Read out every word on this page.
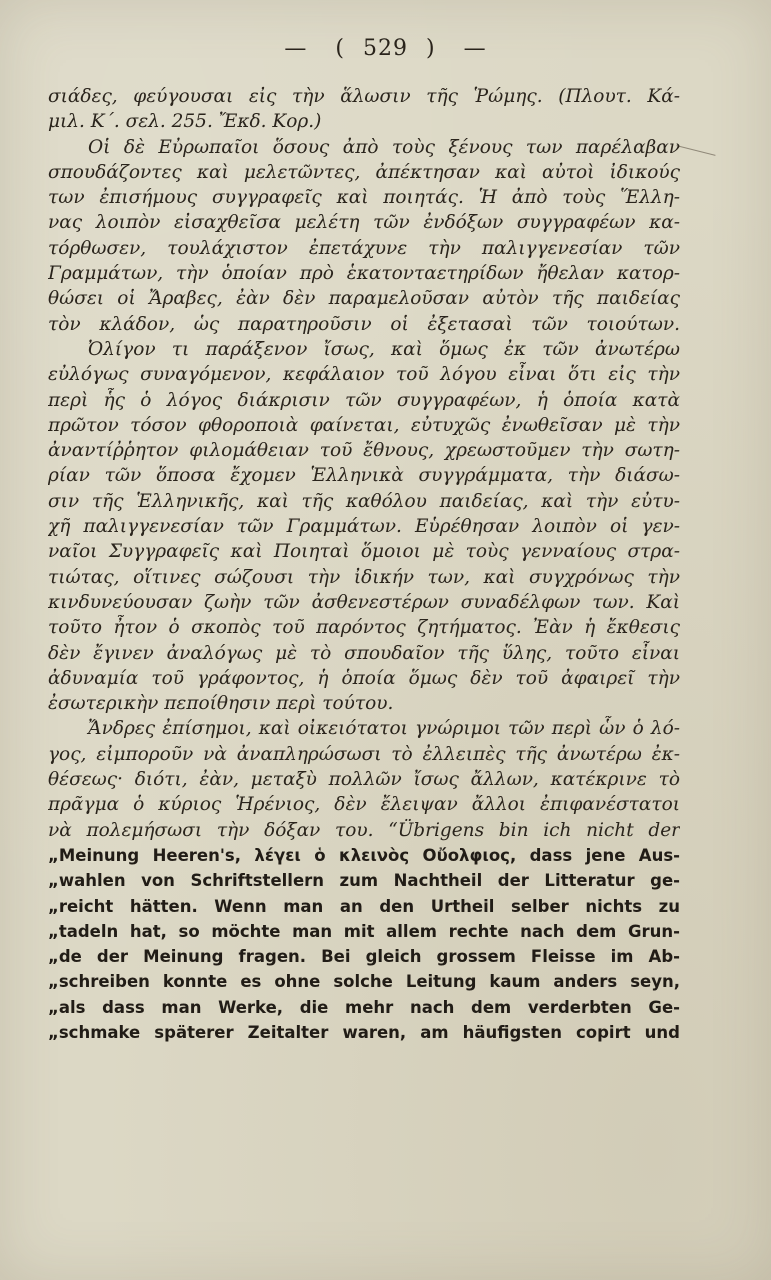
— ( 529 ) —
σιάδες, φεύγουσαι εἰς τὴν ἅλωσιν τῆς Ῥώμης. (Πλουτ. Κά-
μιλ. Κ΄. σελ. 255. Ἔκδ. Κορ.)
Οἱ δὲ Εὐρωπαῖοι ὅσους ἀπὸ τοὺς ξένους των παρέλαβαν
σπουδάζοντες καὶ μελετῶντες, ἀπέκτησαν καὶ αὐτοὶ ἰδικούς
των ἐπισήμους συγγραφεῖς καὶ ποιητάς. Ἡ ἀπὸ τοὺς Ἕλλη-
νας λοιπὸν εἰσαχθεῖσα μελέτη τῶν ἐνδόξων συγγραφέων κα-
τόρθωσεν, τουλάχιστον ἐπετάχυνε τὴν παλιγγενεσίαν τῶν
Γραμμάτων, τὴν ὁποίαν πρὸ ἑκατονταετηρίδων ἤθελαν κατορ-
θώσει οἱ Ἄραβες, ἐὰν δὲν παραμελοῦσαν αὐτὸν τῆς παιδείας
τὸν κλάδον, ὡς παρατηροῦσιν οἱ ἐξετασαὶ τῶν τοιούτων.
Ὀλίγον τι παράξενον ἴσως, καὶ ὅμως ἐκ τῶν ἀνωτέρω
εὐλόγως συναγόμενον, κεφάλαιον τοῦ λόγου εἶναι ὅτι εἰς τὴν
περὶ ἧς ὁ λόγος διάκρισιν τῶν συγγραφέων, ἡ ὁποία κατὰ
πρῶτον τόσον φθοροποιὰ φαίνεται, εὐτυχῶς ἐνωθεῖσαν μὲ τὴν
ἀναντίῤῥητον φιλομάθειαν τοῦ ἔθνους, χρεωστοῦμεν τὴν σωτη-
ρίαν τῶν ὅποσα ἔχομεν Ἑλληνικὰ συγγράμματα, τὴν διάσω-
σιν τῆς Ἑλληνικῆς, καὶ τῆς καθόλου παιδείας, καὶ τὴν εὐτυ-
χῆ παλιγγενεσίαν τῶν Γραμμάτων. Εὑρέθησαν λοιπὸν οἱ γεν-
ναῖοι Συγγραφεῖς καὶ Ποιηταὶ ὅμοιοι μὲ τοὺς γενναίους στρα-
τιώτας, οἵτινες σώζουσι τὴν ἰδικήν των, καὶ συγχρόνως τὴν
κινδυνεύουσαν ζωὴν τῶν ἀσθενεστέρων συναδέλφων των. Καὶ
τοῦτο ἦτον ὁ σκοπὸς τοῦ παρόντος ζητήματος. Ἐὰν ἡ ἔκθεσις
δὲν ἔγινεν ἀναλόγως μὲ τὸ σπουδαῖον τῆς ὕλης, τοῦτο εἶναι
ἀδυναμία τοῦ γράφοντος, ἡ ὁποία ὅμως δὲν τοῦ ἀφαιρεῖ τὴν
ἐσωτερικὴν πεποίθησιν περὶ τούτου.
Ἄνδρες ἐπίσημοι, καὶ οἰκειότατοι γνώριμοι τῶν περὶ ὧν ὁ λό-
γος, εἰμποροῦν νὰ ἀναπληρώσωσι τὸ ἐλλειπὲς τῆς ἀνωτέρω ἐκ-
θέσεως· διότι, ἐὰν, μεταξὺ πολλῶν ἴσως ἄλλων, κατέκρινε τὸ
πρᾶγμα ὁ κύριος Ἡρένιος, δὲν ἔλειψαν ἄλλοι ἐπιφανέστατοι
νὰ πολεμήσωσι τὴν δόξαν του. “Übrigens bin ich nicht der
„Meinung Heeren's, λέγει ὁ κλεινὸς Οὔολφιος, dass jene Aus-
„wahlen von Schriftstellern zum Nachtheil der Litteratur ge-
„reicht hätten. Wenn man an den Urtheil selber nichts zu
„tadeln hat, so möchte man mit allem rechte nach dem Grun-
„de der Meinung fragen. Bei gleich grossem Fleisse im Ab-
„schreiben konnte es ohne solche Leitung kaum anders seyn,
„als dass man Werke, die mehr nach dem verderbten Ge-
„schmake späterer Zeitalter waren, am häufigsten copirt und
